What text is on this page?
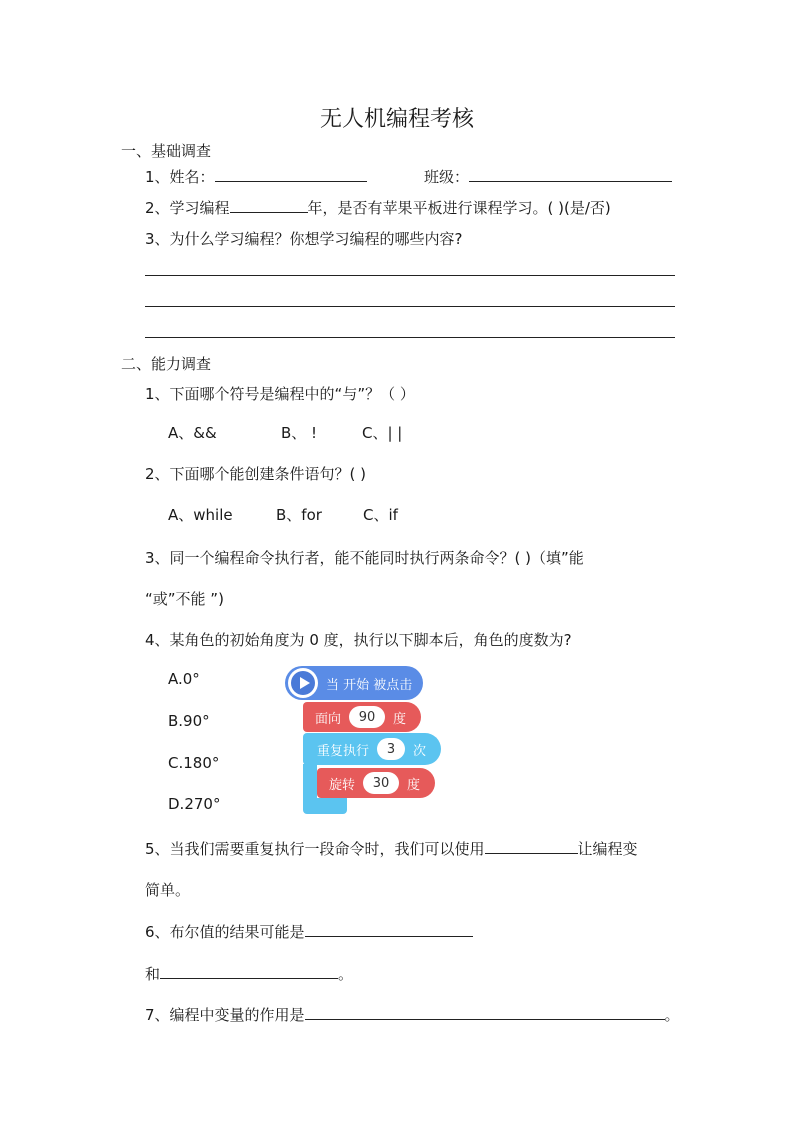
无人机编程考核
一、基础调查
1、姓名：	班级：
2、学习编程	年，是否有苹果平板进行课程学习。( )(是/否)
3、为什么学习编程？你想学习编程的哪些内容?
二、能力调查
1、下面哪个符号是编程中的“与”？（ ）
A、&&	B、 !	C、| |
2、下面哪个能创建条件语句？( )
A、while	B、for	C、if
3、同一个编程命令执行者，能不能同时执行两条命令？( )（填”能
“或”不能 ”)
4、某角色的初始角度为 0 度，执行以下脚本后，角色的度数为?
A.0°
B.90°
C.180°
D.270°
当 开始 被点击
面向	90	度
重复执行	3	次
旋转	30	度
5、当我们需要重复执行一段命令时，我们可以使用	让编程变
简单。
6、布尔值的结果可能是
和	。
7、编程中变量的作用是	。
